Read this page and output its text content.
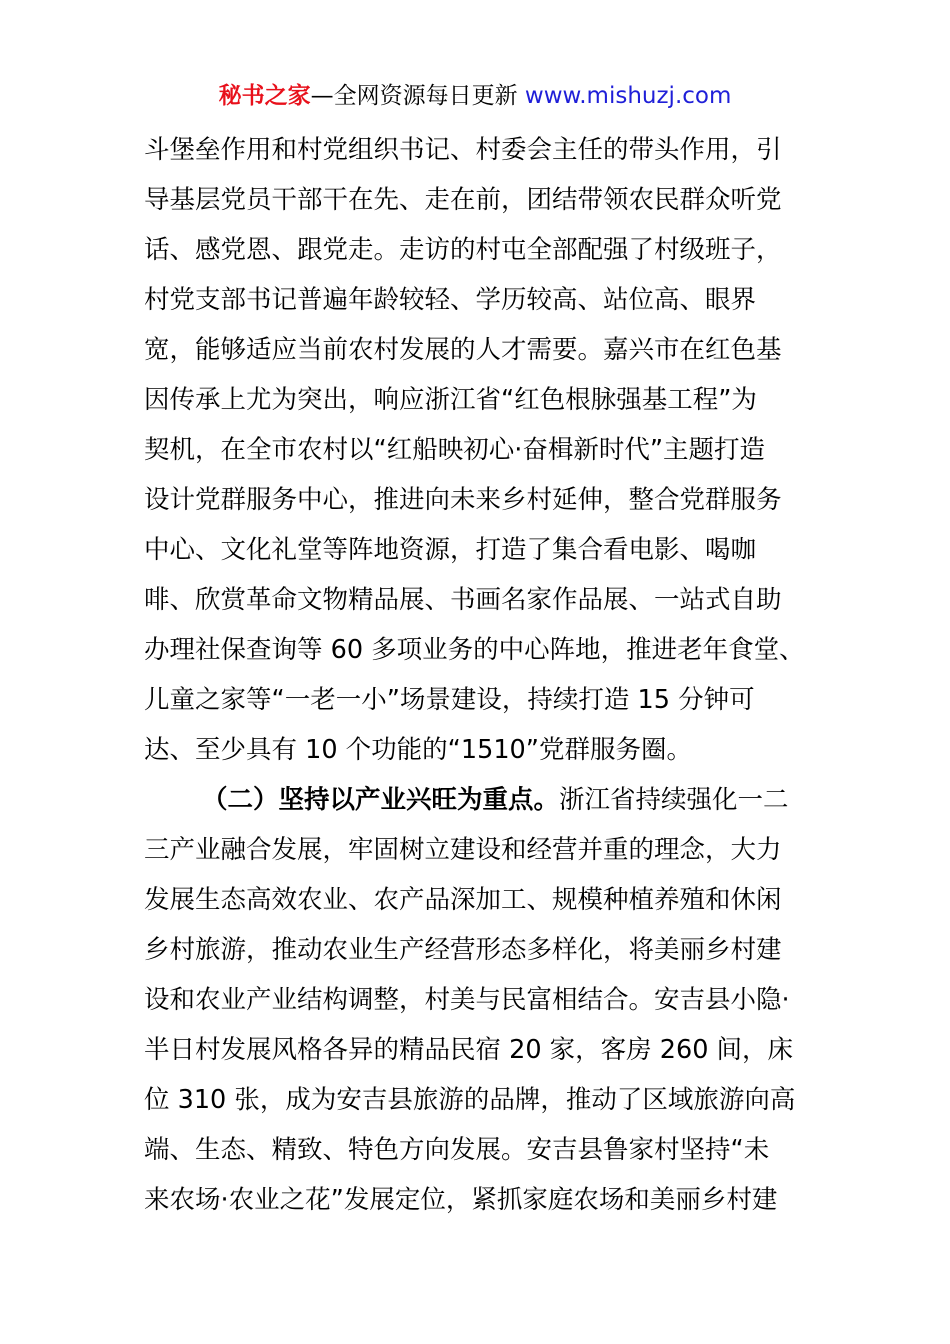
秘书之家—全网资源每日更新 www.mishuzj.com
斗堡垒作用和村党组织书记、村委会主任的带头作用，引
导基层党员干部干在先、走在前，团结带领农民群众听党
话、感党恩、跟党走。走访的村屯全部配强了村级班子，
村党支部书记普遍年龄较轻、学历较高、站位高、眼界
宽，能够适应当前农村发展的人才需要。嘉兴市在红色基
因传承上尤为突出，响应浙江省“红色根脉强基工程”为
契机，在全市农村以“红船映初心·奋楫新时代”主题打造
设计党群服务中心，推进向未来乡村延伸，整合党群服务
中心、文化礼堂等阵地资源，打造了集合看电影、喝咖
啡、欣赏革命文物精品展、书画名家作品展、一站式自助
办理社保查询等 60 多项业务的中心阵地，推进老年食堂、
儿童之家等“一老一小”场景建设，持续打造 15 分钟可
达、至少具有 10 个功能的“1510”党群服务圈。
（二）坚持以产业兴旺为重点。浙江省持续强化一二
三产业融合发展，牢固树立建设和经营并重的理念，大力
发展生态高效农业、农产品深加工、规模种植养殖和休闲
乡村旅游，推动农业生产经营形态多样化，将美丽乡村建
设和农业产业结构调整，村美与民富相结合。安吉县小隐·
半日村发展风格各异的精品民宿 20 家，客房 260 间，床
位 310 张，成为安吉县旅游的品牌，推动了区域旅游向高
端、生态、精致、特色方向发展。安吉县鲁家村坚持“未
来农场·农业之花”发展定位，紧抓家庭农场和美丽乡村建
